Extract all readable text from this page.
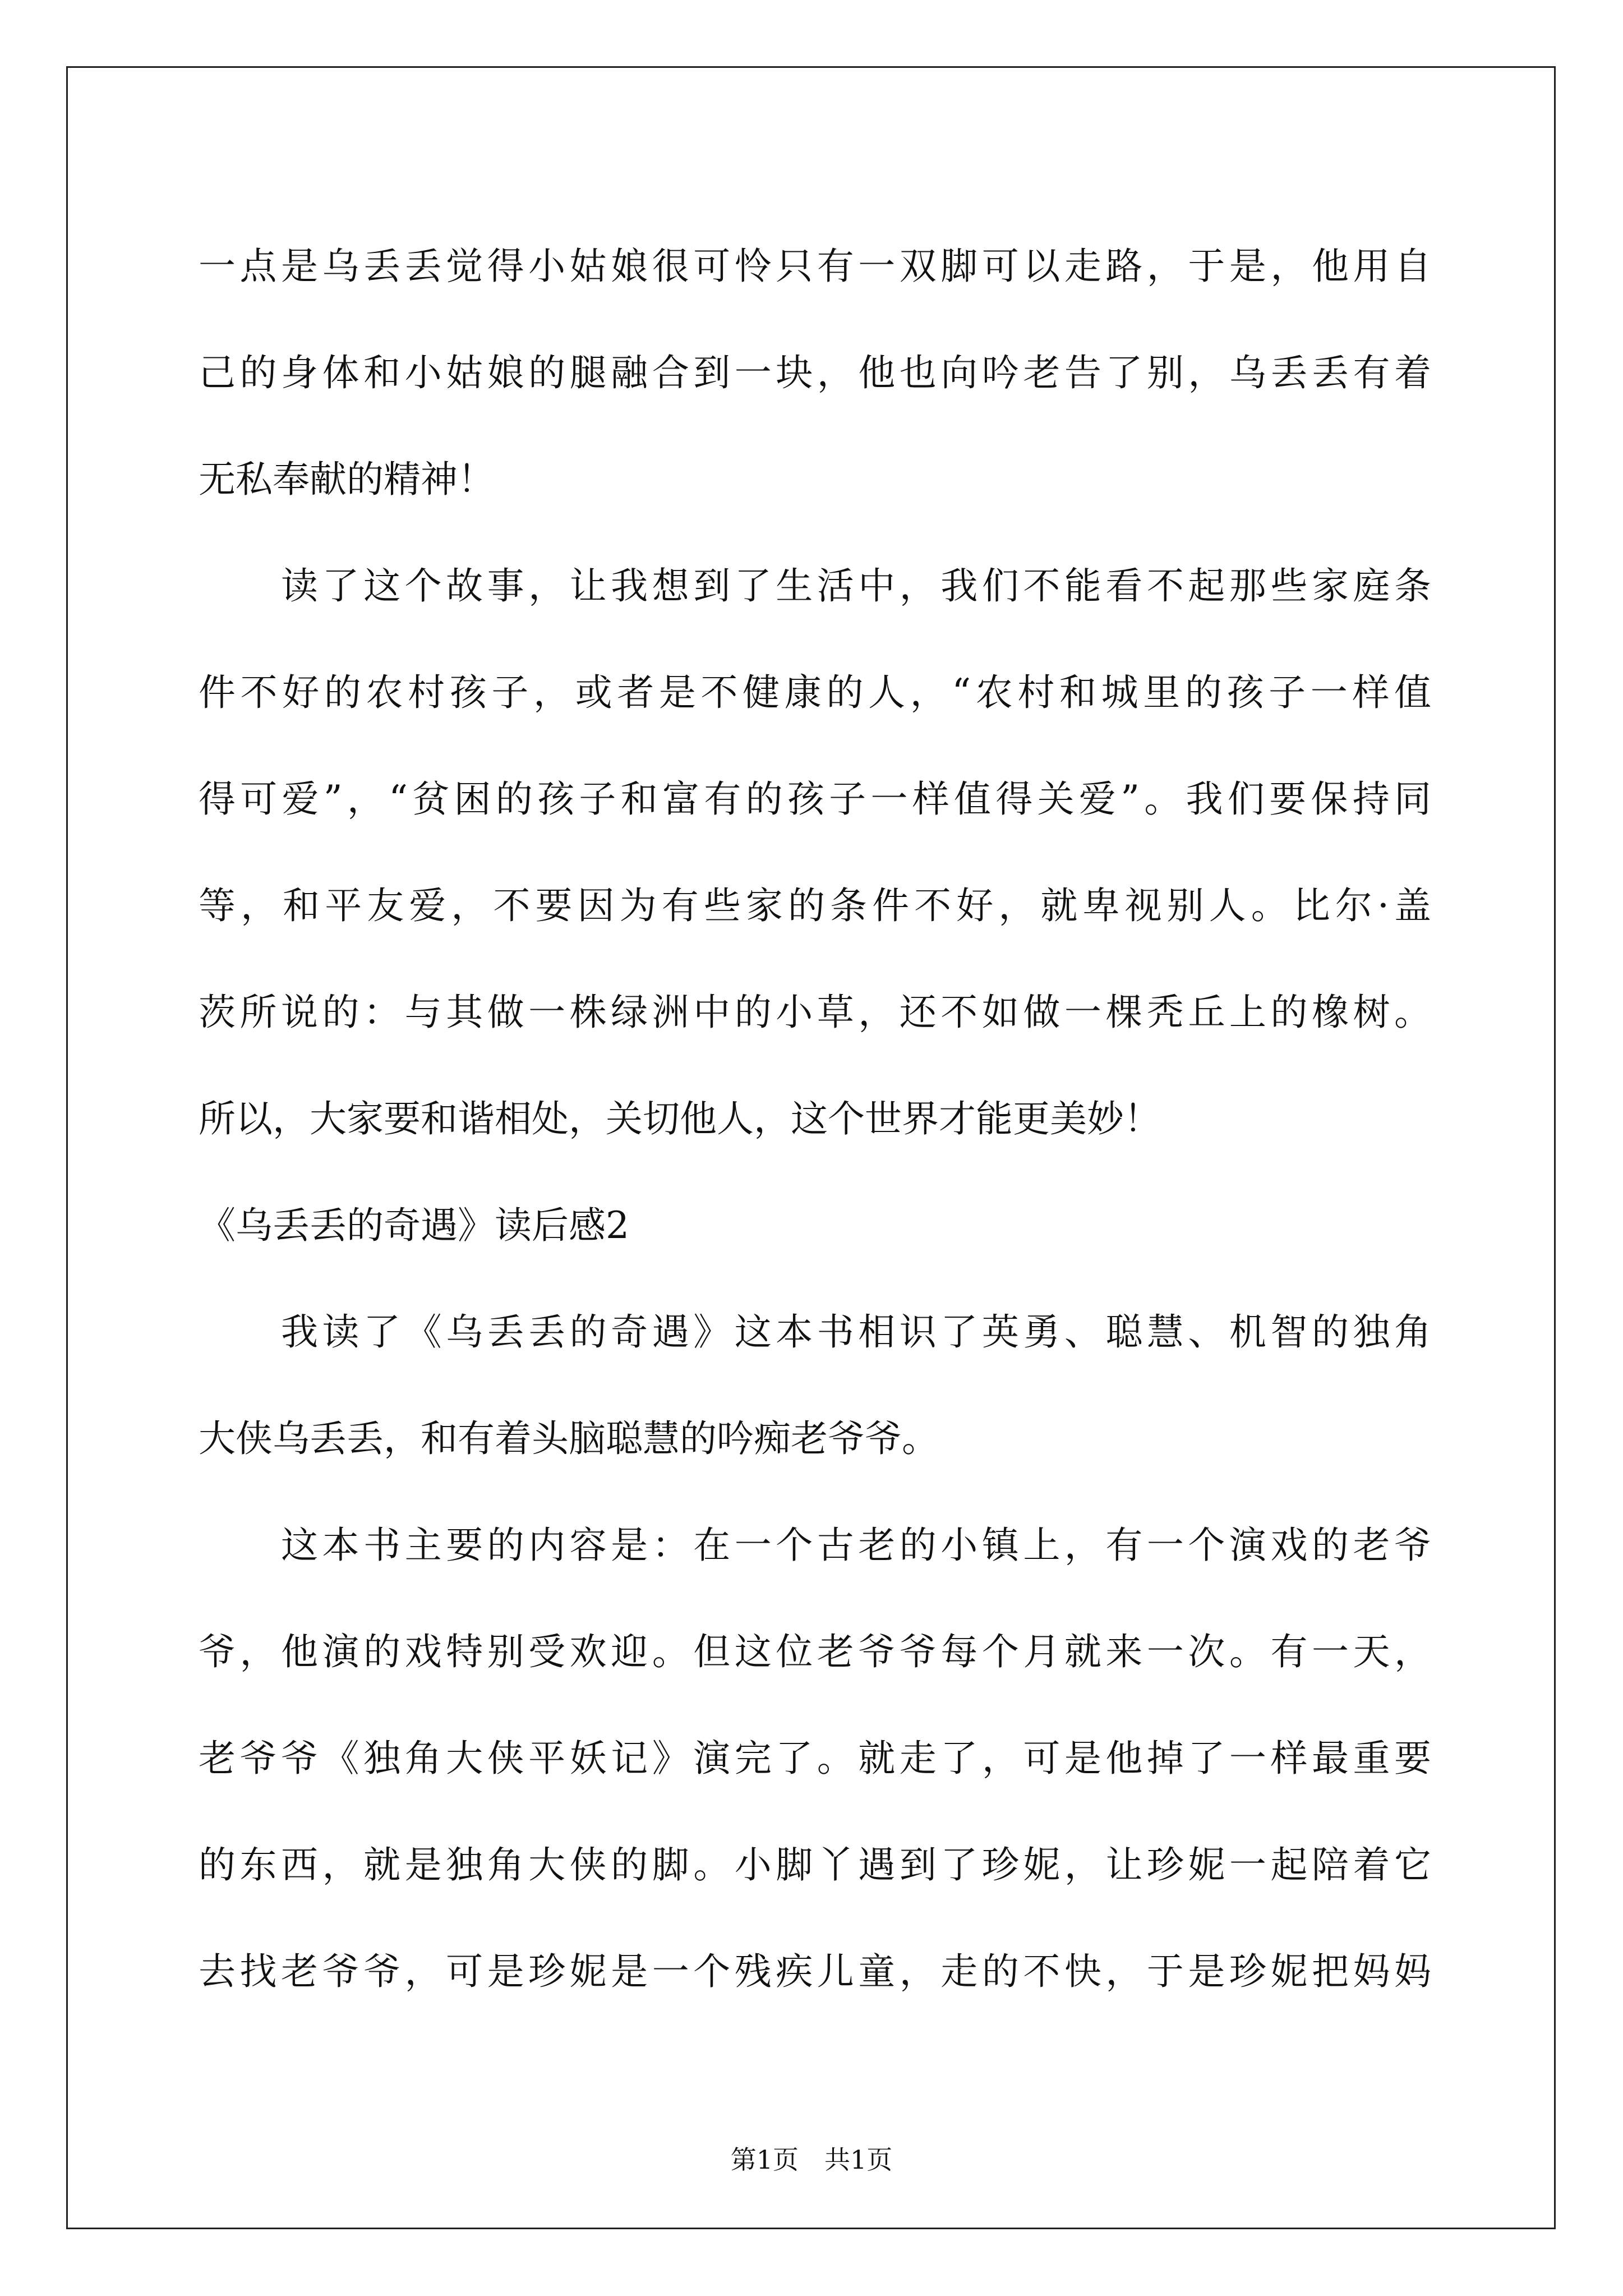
一点是乌丢丢觉得小姑娘很可怜只有一双脚可以走路，于是，他用自
己的身体和小姑娘的腿融合到一块，他也向吟老告了别，乌丢丢有着
无私奉献的精神！
　　读了这个故事，让我想到了生活中，我们不能看不起那些家庭条
件不好的农村孩子，或者是不健康的人，“农村和城里的孩子一样值
得可爱”，“贫困的孩子和富有的孩子一样值得关爱”。我们要保持同
等，和平友爱，不要因为有些家的条件不好，就卑视别人。比尔·盖
茨所说的：与其做一株绿洲中的小草，还不如做一棵秃丘上的橡树。
所以，大家要和谐相处，关切他人，这个世界才能更美妙！
《乌丢丢的奇遇》读后感2
　　我读了《乌丢丢的奇遇》这本书相识了英勇、聪慧、机智的独角
大侠乌丢丢，和有着头脑聪慧的吟痴老爷爷。
　　这本书主要的内容是：在一个古老的小镇上，有一个演戏的老爷
爷，他演的戏特别受欢迎。但这位老爷爷每个月就来一次。有一天，
老爷爷《独角大侠平妖记》演完了。就走了，可是他掉了一样最重要
的东西，就是独角大侠的脚。小脚丫遇到了珍妮，让珍妮一起陪着它
去找老爷爷，可是珍妮是一个残疾儿童，走的不快，于是珍妮把妈妈
第1页　共1页
